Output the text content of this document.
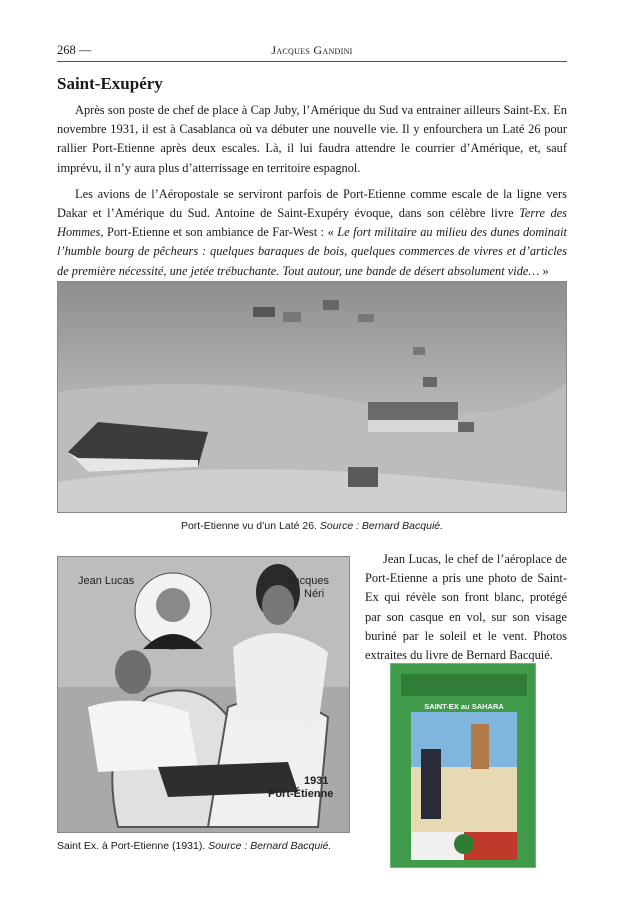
268 —	Jacques Gandini
Saint-Exupéry

Après son poste de chef de place à Cap Juby, l’Amérique du Sud va entrainer ailleurs Saint-Ex. En novembre 1931, il est à Casablanca où va débuter une nouvelle vie. Il y enfourchera un Laté 26 pour rallier Port-Etienne après deux escales. Là, il lui faudra attendre le courrier d’Amérique, et, sauf imprévu, il n’y aura plus d’atterrissage en territoire espagnol.

Les avions de l’Aéropostale se serviront parfois de Port-Etienne comme escale de la ligne vers Dakar et l’Amérique du Sud. Antoine de Saint-Exupéry évoque, dans son célèbre livre Terre des Hommes, Port-Etienne et son ambiance de Far-West : « Le fort militaire au milieu des dunes dominait l’humble bourg de pêcheurs : quelques baraques de bois, quelques commerces de vivres et d’articles de première nécessité, une jetée trébuchante. Tout autour, une bande de désert absolument vide… »

Port-Etienne vu d’un Laté 26. Source : Bernard Bacquié.
Jean Lucas	Jacques
Néri
1931
Port-Étienne
Saint Ex. à Port-Etienne (1931). Source : Bernard Bacquié.

Jean Lucas, le chef de l’aéroplace de Port-Etienne a pris une photo de Saint-Ex qui révèle son front blanc, protégé par son casque en vol, sur son visage buriné par le soleil et le vent. Photos extraites du livre de Bernard Bacquié.

SAINT-EX au SAHARA
